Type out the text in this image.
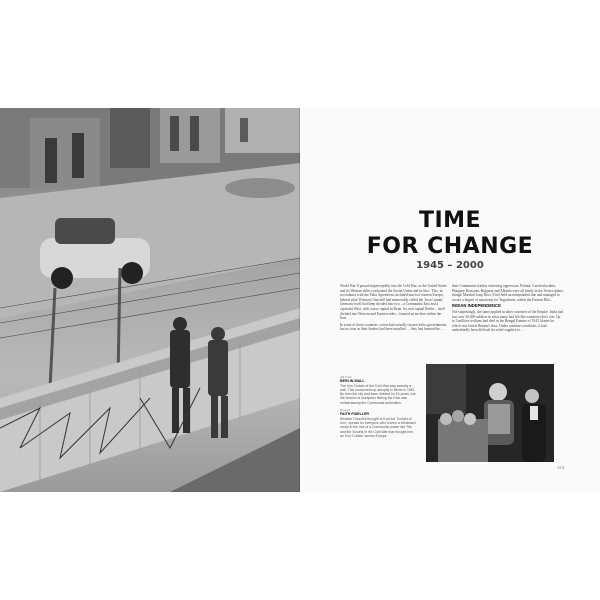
TIME
FOR CHANGE
1945 – 2000

World War II passed imperceptibly into the Cold War, as the United States and its Western allies confronted the Soviet Union and its bloc. This, in accordance with the Yalta Agreement, included much of eastern Europe, behind what Winston Churchill had memorably called the 'Iron Curtain'. Germany itself had been divided into two – a Communist East and a capitalist West, with a new capital in Bonn. Its own capital Berlin – itself divided into Western and Eastern sides – formed an enclave within the East.

In some of these countries, voters had actually chosen leftist governments, but as soon as their leaders had been installed, ... they had learned the...

their Communist leaders enforcing oppression. Poland, Czechoslovakia, Hungary, Romania, Bulgaria and Albania were all firmly in the Soviet sphere, though Marshal Josip Broz (Tito) held an independent line and managed to secure a degree of autonomy for Yugoslavia, within the Eastern Bloc.

INDIAN INDEPENDENCE

Not surprisingly, the same applied in other countries of the Empire. India had lost over 30,000 soldiers in what many had felt like someone else's war. Up to 3 million civilians had died in the Bengal Famine of 1943, blame for which was laid at Britain's door. Under wartime conditions, it had undoubtedly been difficult for relief supplies to ...

ABOVE
BERLIN WALL
The Iron Curtain of the Cold War was actually a wall. This mural went up abruptly in Berlin in 1961. By then the city had been divided for 16 years, but the tension of escapees fleeing the East was embarrassing the Communist authorities.
RIGHT
FAITH FIDELLER
Winston Churchill thought of it as the 'Curtain of Iron'; speaks for everyone who'd seen a Westward shock in the rise of a Communist power like Tito and the Soviets in the Cold War that thought him an 'Iron Curtain' across Europe.
273
